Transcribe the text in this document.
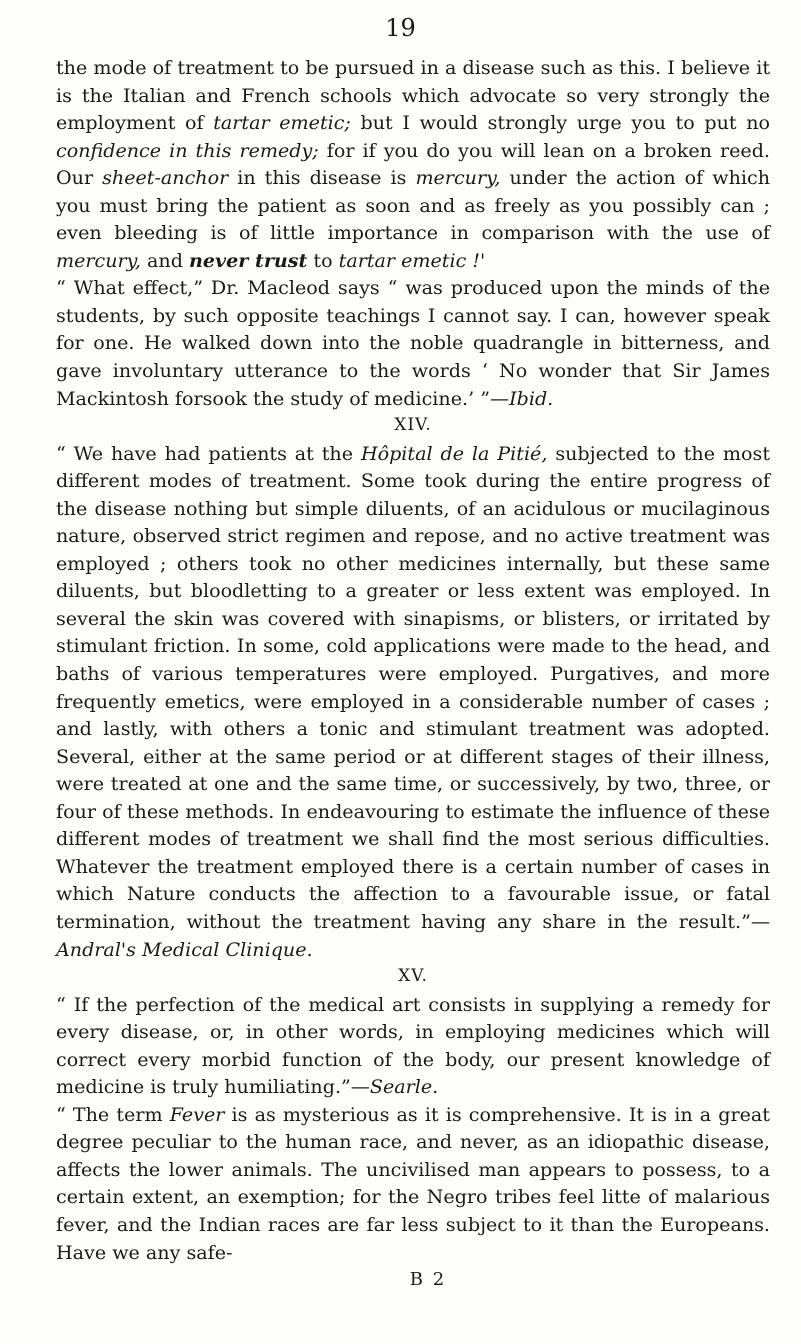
19

the mode of treatment to be pursued in a disease such as this. I believe it is the Italian and French schools which advocate so very strongly the employment of tartar emetic; but I would strongly urge you to put no confidence in this remedy; for if you do you will lean on a broken reed. Our sheet-anchor in this disease is mercury, under the action of which you must bring the patient as soon and as freely as you possibly can ; even bleeding is of little importance in comparison with the use of mercury, and never trust to tartar emetic !'

“ What effect,” Dr. Macleod says “ was produced upon the minds of the students, by such opposite teachings I cannot say. I can, however speak for one. He walked down into the noble quadrangle in bitterness, and gave involuntary utterance to the words ‘ No wonder that Sir James Mackintosh forsook the study of medicine.’ ”—Ibid.

XIV.

“ We have had patients at the Hôpital de la Pitié, subjected to the most different modes of treatment. Some took during the entire progress of the disease nothing but simple diluents, of an acidulous or mucilaginous nature, observed strict regimen and repose, and no active treatment was employed ; others took no other medicines internally, but these same diluents, but bloodletting to a greater or less extent was employed. In several the skin was covered with sinapisms, or blisters, or irritated by stimulant friction. In some, cold applications were made to the head, and baths of various temperatures were employed. Purgatives, and more frequently emetics, were employed in a considerable number of cases ; and lastly, with others a tonic and stimulant treatment was adopted. Several, either at the same period or at different stages of their illness, were treated at one and the same time, or successively, by two, three, or four of these methods. In endeavouring to estimate the influence of these different modes of treatment we shall find the most serious difficulties. Whatever the treatment employed there is a certain number of cases in which Nature conducts the affection to a favourable issue, or fatal termination, without the treatment having any share in the result.”—Andral's Medical Clinique.

XV.

“ If the perfection of the medical art consists in supplying a remedy for every disease, or, in other words, in employing medicines which will correct every morbid function of the body, our present knowledge of medicine is truly humiliating.”—Searle.

“ The term Fever is as mysterious as it is comprehensive. It is in a great degree peculiar to the human race, and never, as an idiopathic disease, affects the lower animals. The uncivilised man appears to possess, to a certain extent, an exemption; for the Negro tribes feel litte of malarious fever, and the Indian races are far less subject to it than the Europeans. Have we any safe-

B 2
